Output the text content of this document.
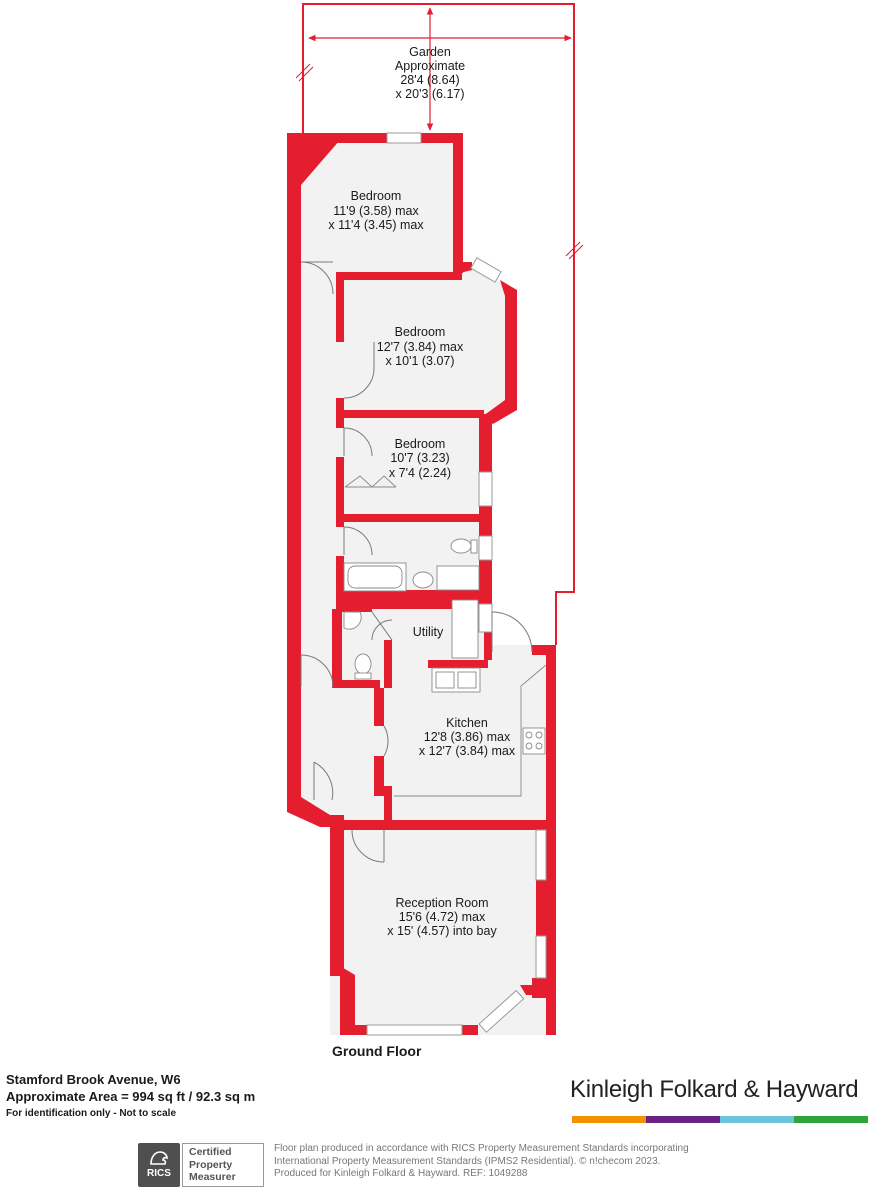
Garden
Approximate
28'4 (8.64)
x 20'3 (6.17)
Bedroom
11'9 (3.58) max
x 11'4 (3.45) max
Bedroom
12'7 (3.84) max
x 10'1 (3.07)
Bedroom
10'7 (3.23)
x 7'4 (2.24)
Utility
Kitchen
12'8 (3.86) max
x 12'7 (3.84) max
Reception Room
15'6 (4.72) max
x 15' (4.57) into bay
Ground Floor
Stamford Brook Avenue, W6
Approximate Area = 994 sq ft / 92.3 sq m
For identification only - Not to scale
Kinleigh Folkard & Hayward
RICS
Certified
Property
Measurer
Floor plan produced in accordance with RICS Property Measurement Standards incorporating
International Property Measurement Standards (IPMS2 Residential). © n!checom 2023.
Produced for Kinleigh Folkard & Hayward. REF: 1049288
